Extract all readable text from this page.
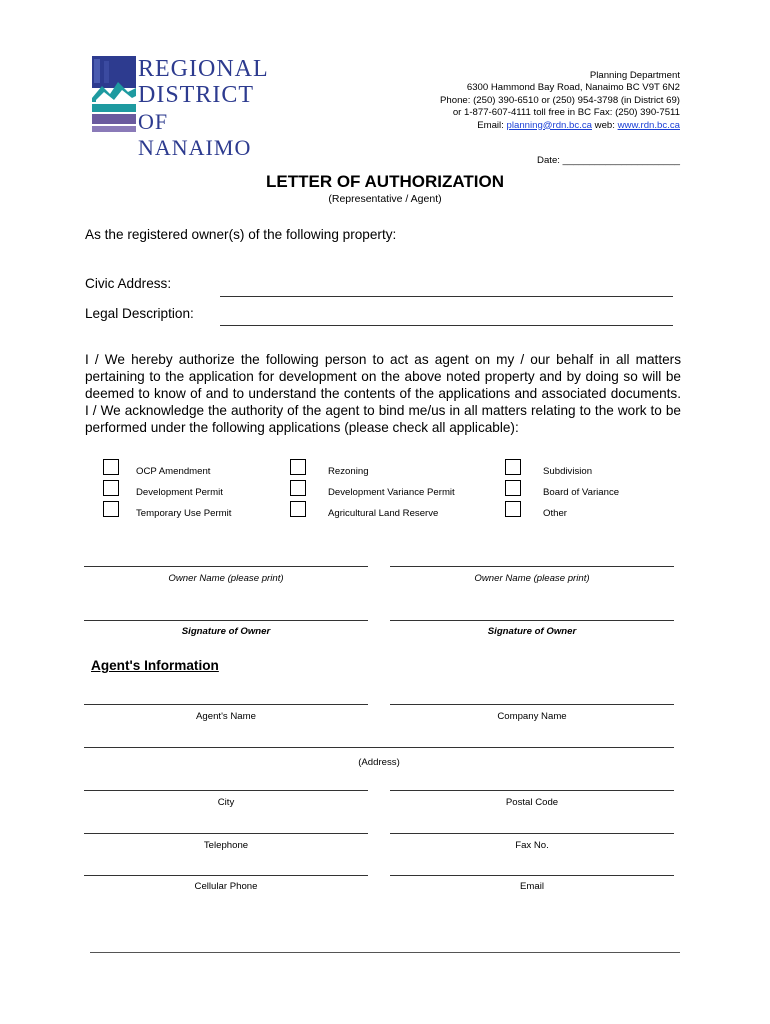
REGIONAL
DISTRICT
OF NANAIMO
Planning Department
6300 Hammond Bay Road, Nanaimo BC V9T 6N2
Phone: (250) 390-6510 or (250) 954-3798 (in District 69)
or 1-877-607-4111 toll free in BC Fax: (250) 390-7511
Email: planning@rdn.bc.ca web: www.rdn.bc.ca
Date: ______________________
LETTER OF AUTHORIZATION
(Representative / Agent)
As the registered owner(s) of the following property:
Civic Address:
Legal Description:
I / We hereby authorize the following person to act as agent on my / our behalf in all matters pertaining to the application for development on the above noted property and by doing so will be deemed to know of and to understand the contents of the applications and associated documents. I / We acknowledge the authority of the agent to bind me/us in all matters relating to the work to be performed under the following applications (please check all applicable):
OCP Amendment	Rezoning	Subdivision
Development Permit	Development Variance Permit	Board of Variance
Temporary Use Permit	Agricultural Land Reserve	Other
Owner Name (please print)	Owner Name (please print)
Signature of Owner	Signature of Owner
Agent's Information
Agent's Name	Company Name
(Address)
City	Postal Code
Telephone	Fax No.
Cellular Phone	Email
